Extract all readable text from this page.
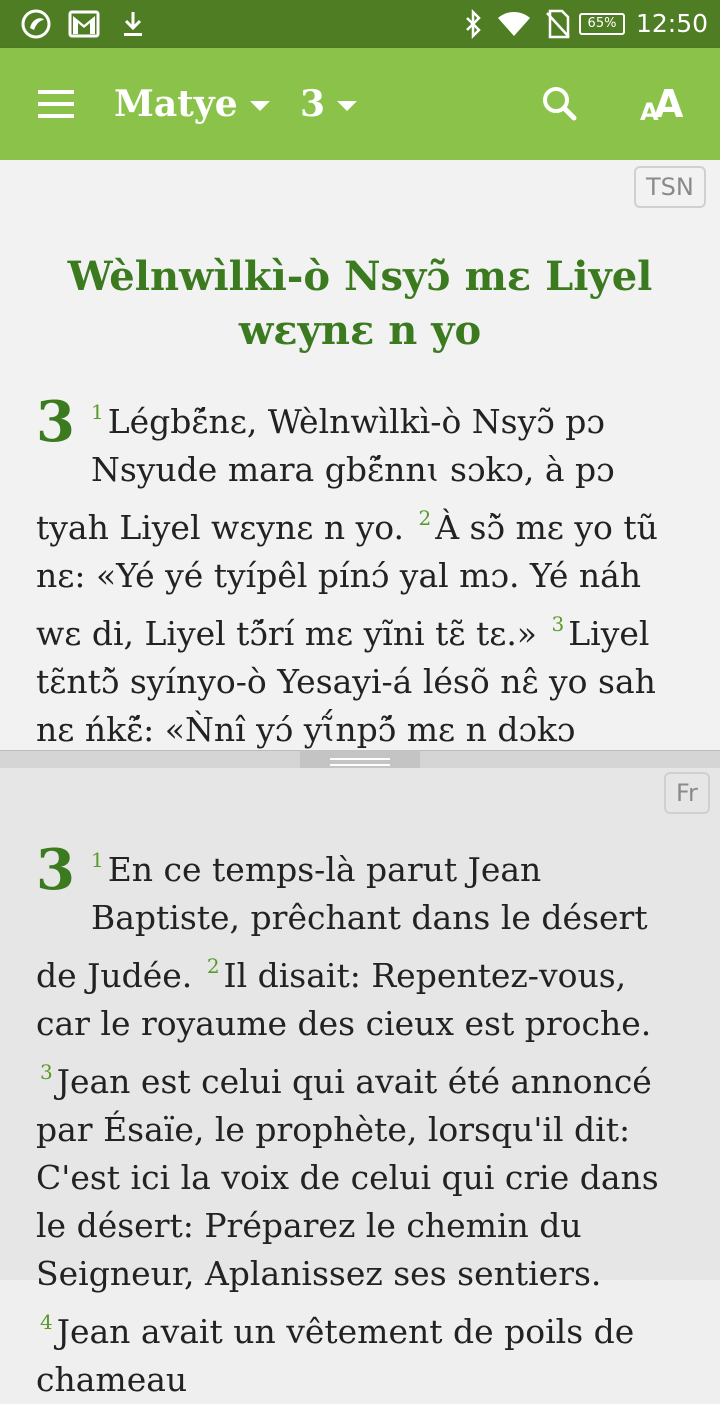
65% 12:50
Matye 3	A
A
TSN
Wèlnwìlkì-ò Nsyɔ̃ mɛ Liyel
wɛynɛ n yo
3 $^1$ Légbɛ̃́nɛ, Wèlnwìlkì-ò Nsyɔ̃ pɔ Nsyude mara gbɛ̃́nnɩ sɔkɔ, à pɔ tyah Liyel wɛynɛ n yo. $^2$ À sɔ̃̀ mɛ yo tũ nɛ: «Yé yé tyípêl pínɔ́ yal mɔ. Yé náh wɛ di, Liyel tɔ̃́rí mɛ yĩni tɛ̃ tɛ.» $^3$ Liyel tɛ̃ntɔ̃̀ syínyo-ò Yesayi-á lésõ nɛ̂ yo sah nɛ ńkɛ̃́: «Ǹnî yɔ́ yɩ̃́npɔ̃́ mɛ n dɔkɔ
Fr
3 $^1$ En ce temps-là parut Jean Baptiste, prêchant dans le désert de Judée. $^2$ Il disait: Repentez-vous, car le royaume des cieux est proche. $^3$ Jean est celui qui avait été annoncé par Ésaïe, le prophète, lorsqu'il dit: C'est ici la voix de celui qui crie dans le désert: Préparez le chemin du Seigneur, Aplanissez ses sentiers. $^4$ Jean avait un vêtement de poils de chameau
